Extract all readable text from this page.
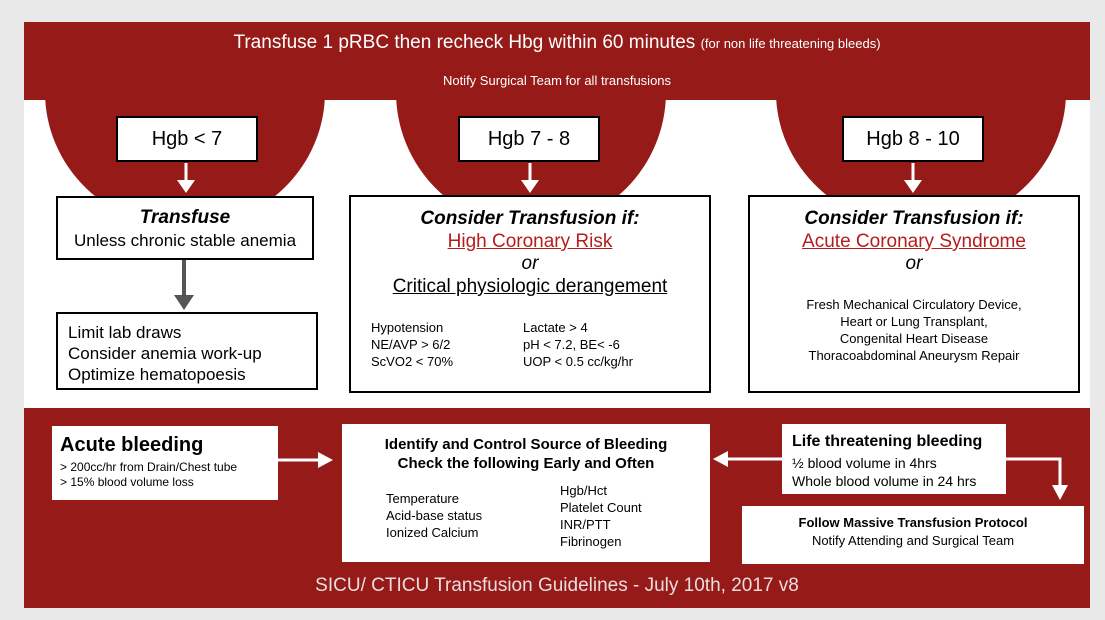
Transfuse 1 pRBC then recheck Hbg within 60 minutes (for non life threatening bleeds)
Notify Surgical Team for all transfusions
Hgb < 7	Hgb 7 - 8	Hgb 8 - 10
Transfuse
Unless chronic stable anemia
Limit lab draws
Consider anemia work-up
Optimize hematopoesis
Consider Transfusion if:
High Coronary Risk
or
Critical physiologic derangement
Hypotension
NE/AVP > 6/2
ScVO2 < 70%
Lactate > 4
pH < 7.2, BE< -6
UOP < 0.5 cc/kg/hr
Consider Transfusion if:
Acute Coronary Syndrome
or
Fresh Mechanical Circulatory Device,
Heart or Lung Transplant,
Congenital Heart Disease
Thoracoabdominal Aneurysm Repair
Acute bleeding
> 200cc/hr from Drain/Chest tube
> 15% blood volume loss
Identify and Control Source of Bleeding
Check the following Early and Often
Temperature
Acid-base status
Ionized Calcium
Hgb/Hct
Platelet Count
INR/PTT
Fibrinogen
Life threatening bleeding
½ blood volume in 4hrs
Whole blood volume in 24 hrs
Follow Massive Transfusion Protocol
Notify Attending and Surgical Team
SICU/ CTICU Transfusion Guidelines - July 10th, 2017 v8
